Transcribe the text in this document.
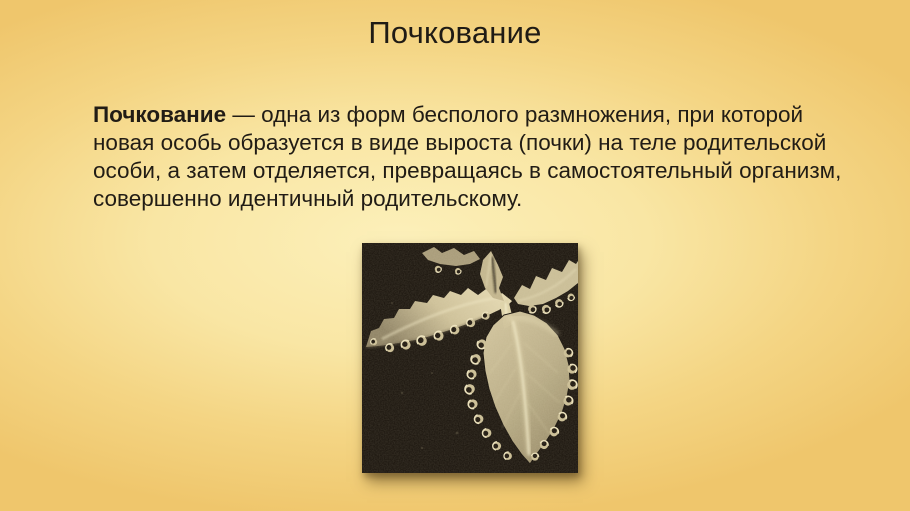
Почкование

Почкование — одна из форм бесполого размножения, при которой
новая особь образуется в виде выроста (почки) на теле родительской
особи, а затем отделяется, превращаясь в самостоятельный организм,
совершенно идентичный родительскому.
